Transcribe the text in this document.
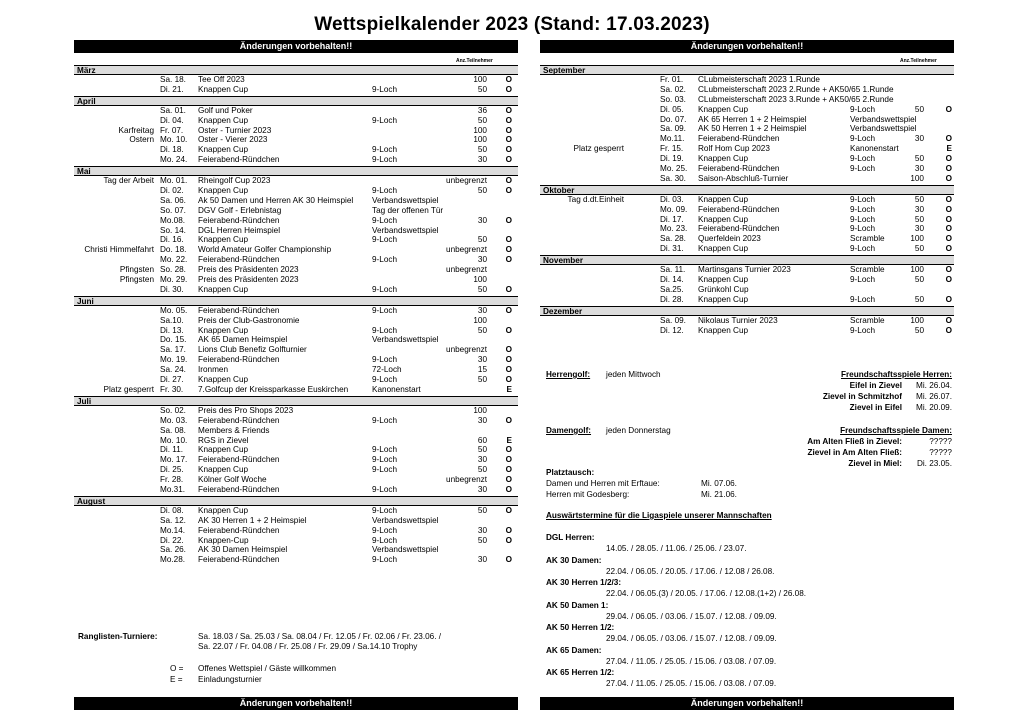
Wettspielkalender 2023 (Stand: 17.03.2023)
Änderungen vorbehalten!!	Änderungen vorbehalten!!
Anz.Teilnehmer
März
Sa. 18. Tee Off 2023	100 O
Di. 21. Knappen Cup	9-Loch	50 O
April
Sa. 01. Golf und Poker	36 O
Di. 04. Knappen Cup	9-Loch	50 O
Karfreitag Fr. 07. Oster - Turnier 2023	100 O
Ostern Mo. 10. Oster - Vierer 2023	100 O
Di. 18. Knappen Cup	9-Loch	50 O
Mo. 24. Feierabend-Ründchen	9-Loch	30 O
Mai
Tag der Arbeit Mo. 01. Rheingolf Cup 2023	unbegrenzt O
Di. 02. Knappen Cup	9-Loch	50 O
Sa. 06. Ak 50 Damen und Herren AK 30 Heimspiel Verbandswettspiel
So. 07. DGV Golf - Erlebnistag	Tag der offenen Tür
Mo.08. Feierabend-Ründchen	9-Loch	30 O
So. 14. DGL Herren Heimspiel	Verbandswettspiel
Di. 16. Knappen Cup	9-Loch	50 O
Christi Himmelfahrt Do. 18. World Amateur Golfer Championship	unbegrenzt O
Mo. 22. Feierabend-Ründchen	9-Loch	30 O
Pfingsten So. 28. Preis des Präsidenten 2023	unbegrenzt
Pfingsten Mo. 29. Preis des Präsidenten 2023	100
Di. 30. Knappen Cup	9-Loch	50 O
Juni
Mo. 05. Feierabend-Ründchen	9-Loch	30 O
Sa.10. Preis der Club-Gastronomie	100
Di. 13. Knappen Cup	9-Loch	50 O
Do. 15. AK 65 Damen Heimspiel	Verbandswettspiel
Sa. 17. Lions Club Benefiz Golfturnier	unbegrenzt O
Mo. 19. Feierabend-Ründchen	9-Loch	30 O
Sa. 24. Ironmen	72-Loch	15 O
Di. 27. Knappen Cup	9-Loch	50 O
Platz gesperrt Fr. 30. 7.Golfcup der Kreissparkasse Euskirchen	Kanonenstart	E
Juli
So. 02. Preis des Pro Shops 2023	100
Mo. 03. Feierabend-Ründchen	9-Loch	30 O
Sa. 08. Members & Friends
Mo. 10. RGS in Zievel	60 E
Di. 11. Knappen Cup	9-Loch	50 O
Mo. 17. Feierabend-Ründchen	9-Loch	30 O
Di. 25. Knappen Cup	9-Loch	50 O
Fr. 28. Kölner Golf Woche	unbegrenzt O
Mo.31. Feierabend-Ründchen	9-Loch	30 O
August
Di. 08. Knappen Cup	9-Loch	50 O
Sa. 12. AK 30 Herren 1 + 2 Heimspiel	Verbandswettspiel
Mo.14. Feierabend-Ründchen	9-Loch	30 O
Di. 22. Knappen-Cup	9-Loch	50 O
Sa. 26. AK 30 Damen Heimspiel	Verbandswettspiel
Mo.28. Feierabend-Ründchen	9-Loch	30 O
Anz.Teilnehmer
September
Fr. 01. CLubmeisterschaft 2023 1.Runde
Sa. 02. CLubmeisterschaft 2023 2.Runde + AK50/65 1.Runde
So. 03. CLubmeisterschaft 2023 3.Runde + AK50/65 2.Runde
Di. 05. Knappen Cup	9-Loch	50	O
Do. 07. AK 65 Herren 1 + 2 Heimspiel	Verbandswettspiel
Sa. 09. AK 50 Herren 1 + 2 Heimspiel	Verbandswettspiel
Mo.11. Feierabend-Ründchen	9-Loch	30	O
Platz gesperrt	Fr. 15. Rolf Hom Cup 2023	Kanonenstart	E
Di. 19. Knappen Cup	9-Loch	50	O
Mo. 25. Feierabend-Ründchen	9-Loch	30	O
Sa. 30. Saison-Abschluß-Turnier	100	O
Oktober
Tag d.dt.Einheit	Di. 03. Knappen Cup	9-Loch	50	O
Mo. 09. Feierabend-Ründchen	9-Loch	30	O
Di. 17. Knappen Cup	9-Loch	50	O
Mo. 23. Feierabend-Ründchen	9-Loch	30	O
Sa. 28. Querfeldein 2023	Scramble	100	O
Di. 31. Knappen Cup	9-Loch	50	O
November
Sa. 11. Martinsgans Turnier 2023	Scramble	100	O
Di. 14. Knappen Cup	9-Loch	50	O
Sa.25. Grünkohl Cup
Di. 28. Knappen Cup	9-Loch	50	O
Dezember
Sa. 09. Nikolaus Turnier 2023	Scramble	100	O
Di. 12. Knappen Cup	9-Loch	50	O
Herrengolf: jeden Mittwoch	Freundschaftsspiele Herren:
Eifel in Zievel Mi. 26.04.
Zievel in Schmitzhof Mi. 26.07.
Zievel in Eifel Mi. 20.09.
Damengolf: jeden Donnerstag	Freundschaftsspiele Damen:
Am Alten Fließ in Zievel:	?????
Zievel in Am Alten Fließ:	?????
Zievel in Miel: Di. 23.05.
Platztausch:
Damen und Herren mit Erftaue:	Mi. 07.06.
Herren mit Godesberg:	Mi. 21.06.
Auswärtstermine für die Ligaspiele unserer Mannschaften
DGL Herren:
14.05. / 28.05. / 11.06. / 25.06. / 23.07.
AK 30 Damen:
22.04. / 06.05. / 20.05. / 17.06. / 12.08 / 26.08.
AK 30 Herren 1/2/3:
22.04. / 06.05.(3) / 20.05. / 17.06. / 12.08.(1+2) / 26.08.
AK 50 Damen 1:
29.04. / 06.05. / 03.06. / 15.07. / 12.08. / 09.09.
AK 50 Herren 1/2:
29.04. / 06.05. / 03.06. / 15.07. / 12.08. / 09.09.
AK 65 Damen:
27.04. / 11.05. / 25.05. / 15.06. / 03.08. / 07.09.
AK 65 Herren 1/2:
27.04. / 11.05. / 25.05. / 15.06. / 03.08. / 07.09.
Ranglisten-Turniere:	Sa. 18.03 / Sa. 25.03 / Sa. 08.04 / Fr. 12.05 / Fr. 02.06 / Fr. 23.06. /
Sa. 22.07 / Fr. 04.08 / Fr. 25.08 / Fr. 29.09 / Sa.14.10 Trophy
O = Offenes Wettspiel / Gäste willkommen
E = Einladungsturnier
Änderungen vorbehalten!!	Änderungen vorbehalten!!
